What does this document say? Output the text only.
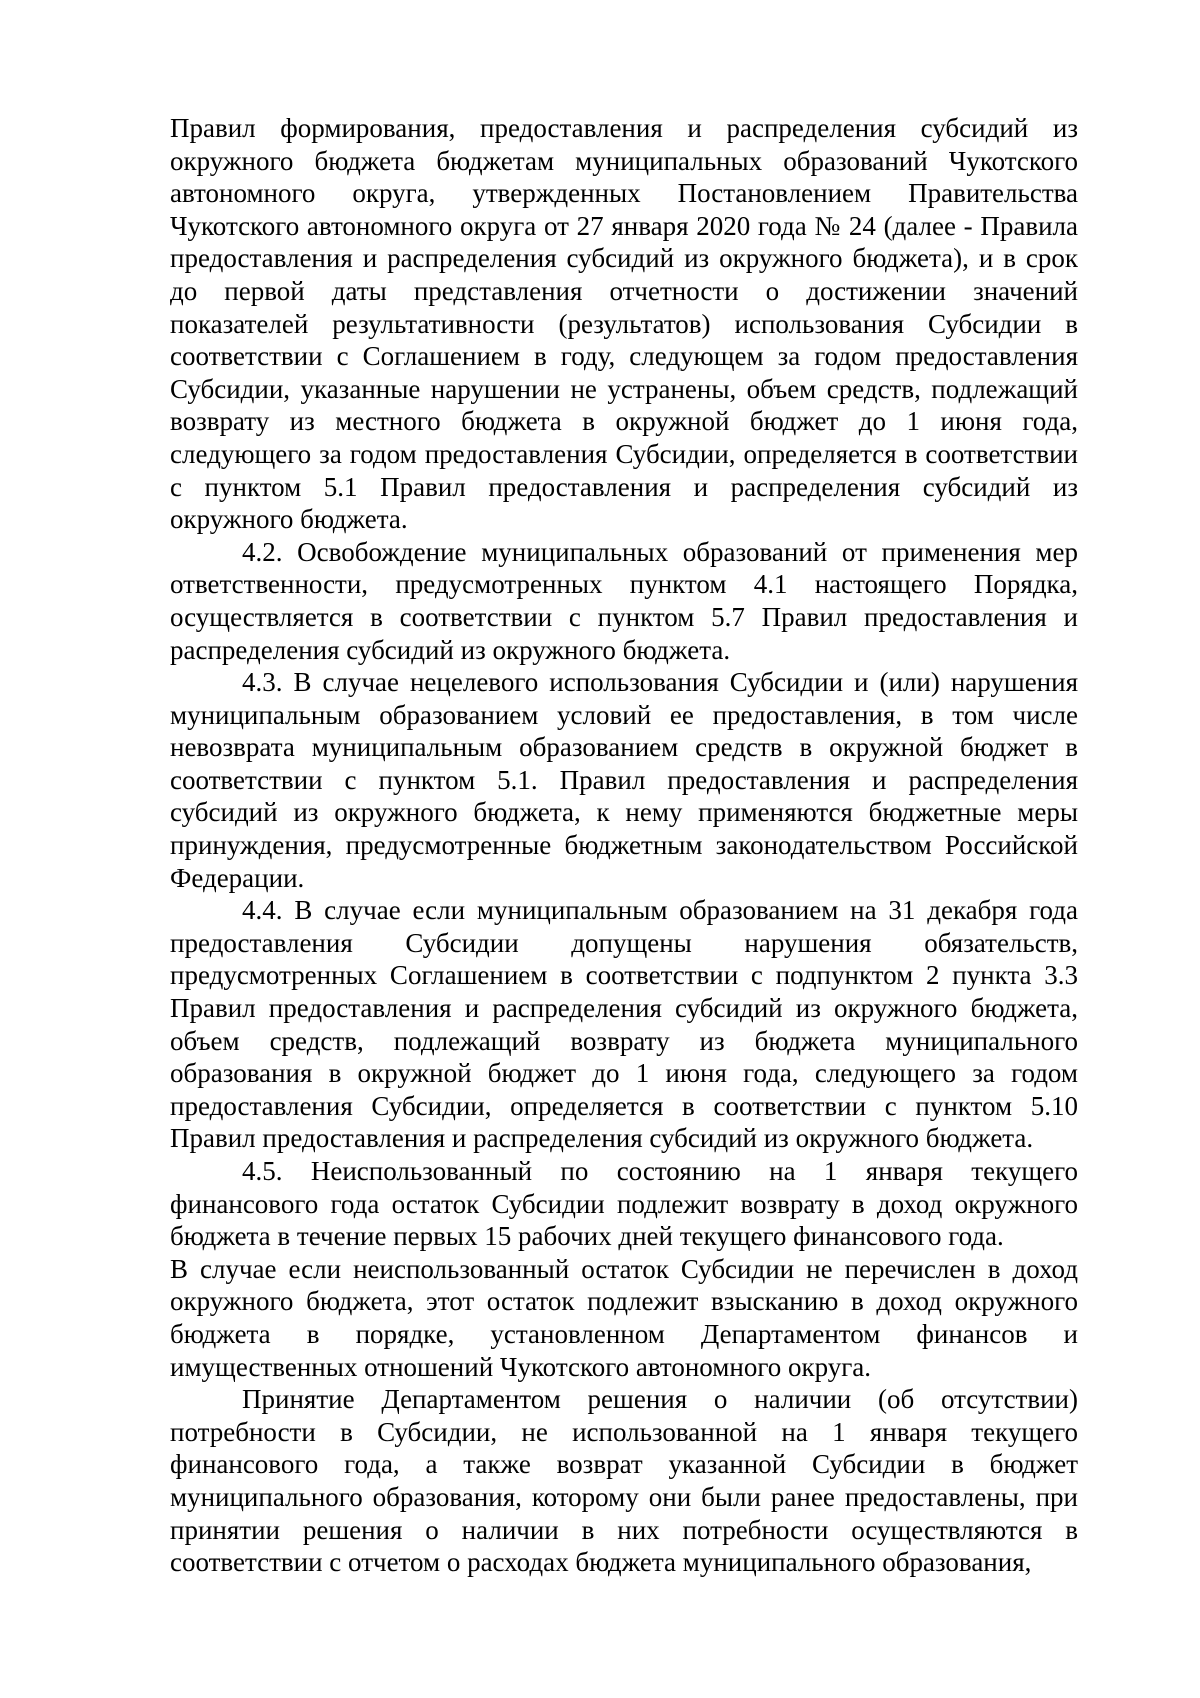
Правил формирования, предоставления и распределения субсидий из окружного бюджета бюджетам муниципальных образований Чукотского автономного округа, утвержденных Постановлением Правительства Чукотского автономного округа от 27 января 2020 года № 24 (далее - Правила предоставления и распределения субсидий из окружного бюджета), и в срок до первой даты представления отчетности о достижении значений показателей результативности (результатов) использования Субсидии в соответствии с Соглашением в году, следующем за годом предоставления Субсидии, указанные нарушении не устранены, объем средств, подлежащий возврату из местного бюджета в окружной бюджет до 1 июня года, следующего за годом предоставления Субсидии, определяется в соответствии с пунктом 5.1 Правил предоставления и распределения субсидий из окружного бюджета.

4.2. Освобождение муниципальных образований от применения мер ответственности, предусмотренных пунктом 4.1 настоящего Порядка, осуществляется в соответствии с пунктом 5.7 Правил предоставления и распределения субсидий из окружного бюджета.

4.3. В случае нецелевого использования Субсидии и (или) нарушения муниципальным образованием условий ее предоставления, в том числе невозврата муниципальным образованием средств в окружной бюджет в соответствии с пунктом 5.1. Правил предоставления и распределения субсидий из окружного бюджета, к нему применяются бюджетные меры принуждения, предусмотренные бюджетным законодательством Российской Федерации.

4.4. В случае если муниципальным образованием на 31 декабря года предоставления Субсидии допущены нарушения обязательств, предусмотренных Соглашением в соответствии с подпунктом 2 пункта 3.3 Правил предоставления и распределения субсидий из окружного бюджета, объем средств, подлежащий возврату из бюджета муниципального образования в окружной бюджет до 1 июня года, следующего за годом предоставления Субсидии, определяется в соответствии с пунктом 5.10 Правил предоставления и распределения субсидий из окружного бюджета.

4.5. Неиспользованный по состоянию на 1 января текущего финансового года остаток Субсидии подлежит возврату в доход окружного бюджета в течение первых 15 рабочих дней текущего финансового года.

В случае если неиспользованный остаток Субсидии не перечислен в доход окружного бюджета, этот остаток подлежит взысканию в доход окружного бюджета в порядке, установленном Департаментом финансов и имущественных отношений Чукотского автономного округа.

Принятие Департаментом решения о наличии (об отсутствии) потребности в Субсидии, не использованной на 1 января текущего финансового года, а также возврат указанной Субсидии в бюджет муниципального образования, которому они были ранее предоставлены, при принятии решения о наличии в них потребности осуществляются в соответствии с отчетом о расходах бюджета муниципального образования,
